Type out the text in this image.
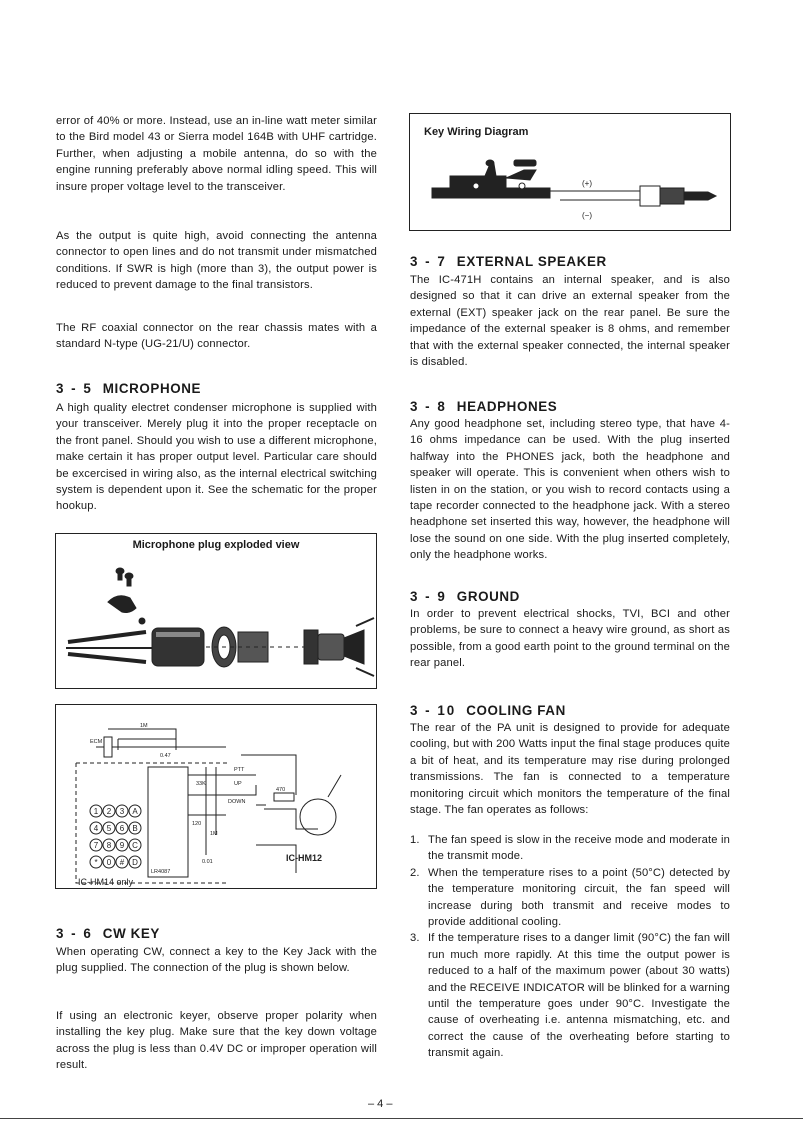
error of 40% or more. Instead, use an in-line watt meter similar to the Bird model 43 or Sierra model 164B with UHF cartridge. Further, when adjusting a mobile antenna, do so with the engine running preferably above normal idling speed. This will insure proper voltage level to the transceiver.

As the output is quite high, avoid connecting the antenna connector to open lines and do not transmit under mismatched conditions. If SWR is high (more than 3), the output power is reduced to prevent damage to the final transistors.

The RF coaxial connector on the rear chassis mates with a standard N-type (UG-21/U) connector.

3 - 5 MICROPHONE

A high quality electret condenser microphone is supplied with your transceiver. Merely plug it into the proper receptacle on the front panel. Should you wish to use a different microphone, make certain it has proper output level. Particular care should be excercised in wiring also, as the internal electrical switching system is dependent upon it. See the schematic for the proper hookup.

Microphone plug exploded view
ECM
0.47
1M
LR4087
PTT
UP
DOWN
120
470
33K
1M
0.01
1 2 3 A
4 5 6 B
7 8 9 C
* 0 # D	IC-HM12
IC-HM14 only
3 - 6 CW KEY

When operating CW, connect a key to the Key Jack with the plug supplied. The connection of the plug is shown below.

If using an electronic keyer, observe proper polarity when installing the key plug. Make sure that the key down voltage across the plug is less than 0.4V DC or improper operation will result.

Key Wiring Diagram
(+)
(−)
3 - 7 EXTERNAL SPEAKER

The IC-471H contains an internal speaker, and is also designed so that it can drive an external speaker from the external (EXT) speaker jack on the rear panel. Be sure the impedance of the external speaker is 8 ohms, and remember that with the external speaker connected, the internal speaker is disabled.

3 - 8 HEADPHONES

Any good headphone set, including stereo type, that have 4-16 ohms impedance can be used. With the plug inserted halfway into the PHONES jack, both the headphone and speaker will operate. This is convenient when others wish to listen in on the station, or you wish to record contacts using a tape recorder connected to the headphone jack. With a stereo headphone set inserted this way, however, the headphone will lose the sound on one side. With the plug inserted completely, only the headphone works.

3 - 9 GROUND

In order to prevent electrical shocks, TVI, BCI and other problems, be sure to connect a heavy wire ground, as short as possible, from a good earth point to the ground terminal on the rear panel.

3 - 10 COOLING FAN

The rear of the PA unit is designed to provide for adequate cooling, but with 200 Watts input the final stage produces quite a bit of heat, and its temperature may rise during prolonged transmissions. The fan is connected to a temperature monitoring circuit which monitors the temperature of the final stage. The fan operates as follows:

1. The fan speed is slow in the receive mode and moderate in the transmit mode.
2. When the temperature rises to a point (50°C) detected by the temperature monitoring circuit, the fan speed will increase during both transmit and receive modes to provide additional cooling.
3. If the temperature rises to a danger limit (90°C) the fan will run much more rapidly. At this time the output power is reduced to a half of the maximum power (about 30 watts) and the RECEIVE INDICATOR will be blinked for a warning until the temperature goes under 90°C. Investigate the cause of overheating i.e. antenna mismatching, etc. and correct the cause of the overheating before starting to transmit again.
– 4 –
